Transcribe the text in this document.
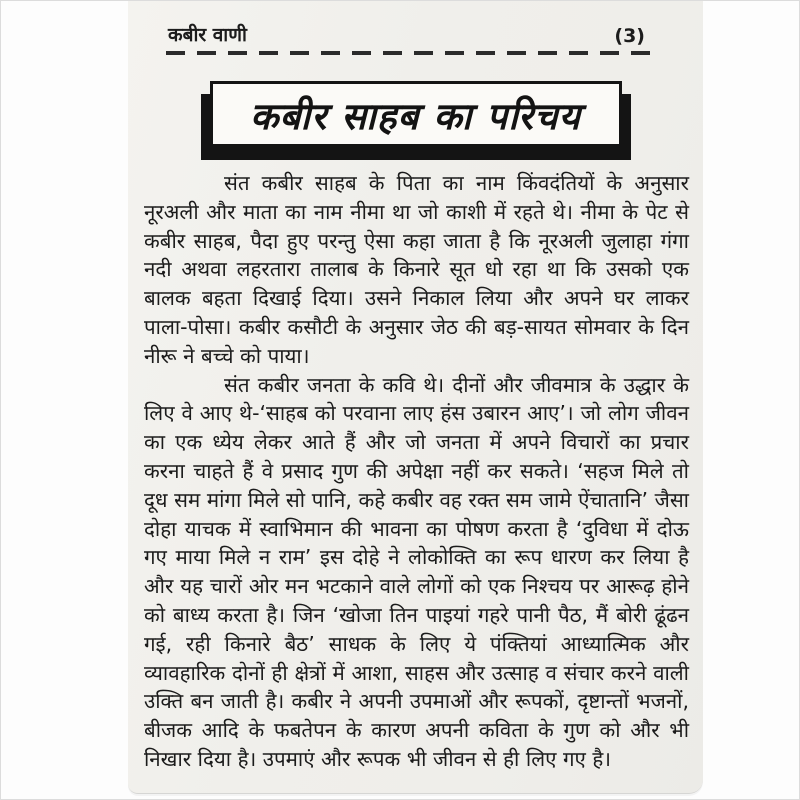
कबीर वाणी	(3)
कबीर साहब का परिचय

संत कबीर साहब के पिता का नाम किंवदंतियों के अनुसार नूरअली और माता का नाम नीमा था जो काशी में रहते थे। नीमा के पेट से कबीर साहब, पैदा हुए परन्तु ऐसा कहा जाता है कि नूरअली जुलाहा गंगा नदी अथवा लहरतारा तालाब के किनारे सूत धो रहा था कि उसको एक बालक बहता दिखाई दिया। उसने निकाल लिया और अपने घर लाकर पाला-पोसा। कबीर कसौटी के अनुसार जेठ की बड़-सायत सोमवार के दिन नीरू ने बच्चे को पाया।

संत कबीर जनता के कवि थे। दीनों और जीवमात्र के उद्धार के लिए वे आए थे-‘साहब को परवाना लाए हंस उबारन आए’। जो लोग जीवन का एक ध्येय लेकर आते हैं और जो जनता में अपने विचारों का प्रचार करना चाहते हैं वे प्रसाद गुण की अपेक्षा नहीं कर सकते। ‘सहज मिले तो दूध सम मांगा मिले सो पानि, कहे कबीर वह रक्त सम जामे ऐंचातानि’ जैसा दोहा याचक में स्वाभिमान की भावना का पोषण करता है ‘दुविधा में दोऊ गए माया मिले न राम’ इस दोहे ने लोकोक्ति का रूप धारण कर लिया है और यह चारों ओर मन भटकाने वाले लोगों को एक निश्चय पर आरूढ़ होने को बाध्य करता है। जिन ‘खोजा तिन पाइयां गहरे पानी पैठ, मैं बोरी ढूंढन गई, रही किनारे बैठ’ साधक के लिए ये पंक्तियां आध्यात्मिक और व्यावहारिक दोनों ही क्षेत्रों में आशा, साहस और उत्साह व संचार करने वाली उक्ति बन जाती है। कबीर ने अपनी उपमाओं और रूपकों, दृष्टान्तों भजनों, बीजक आदि के फबतेपन के कारण अपनी कविता के गुण को और भी निखार दिया है। उपमाएं और रूपक भी जीवन से ही लिए गए है।
